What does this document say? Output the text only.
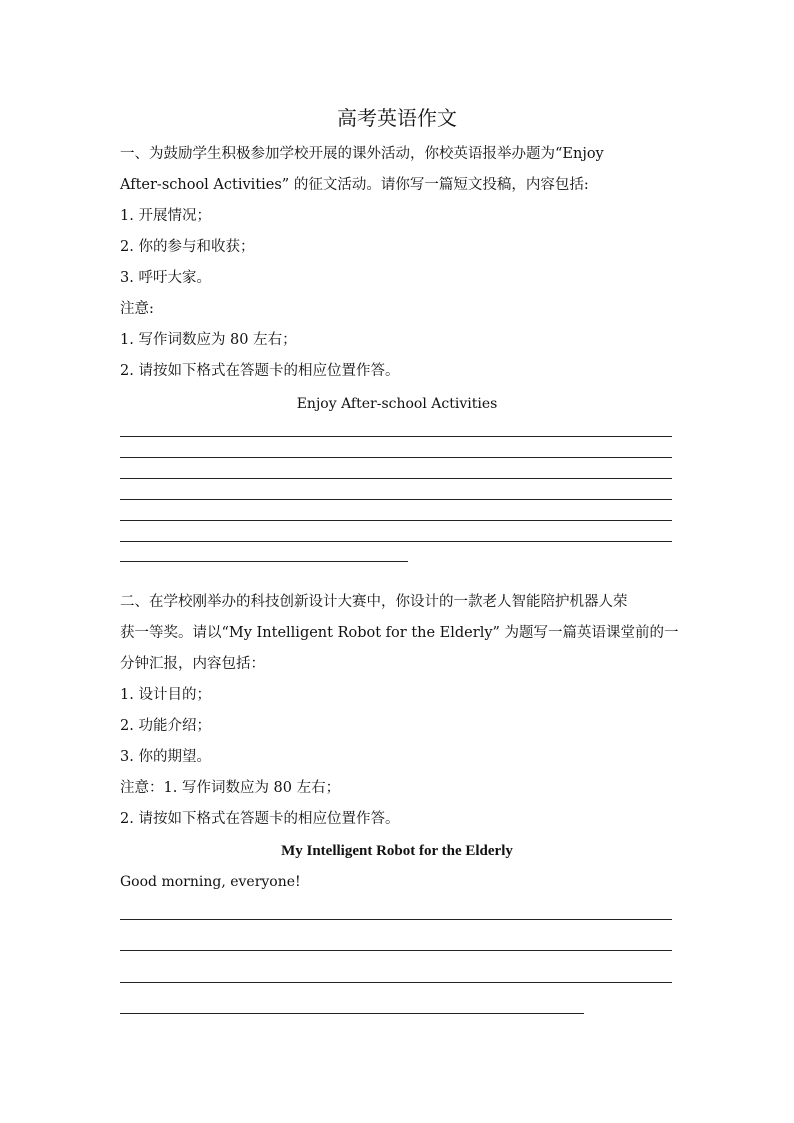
高考英语作文
一、为鼓励学生积极参加学校开展的课外活动，你校英语报举办题为“Enjoy
After-school Activities” 的征文活动。请你写一篇短文投稿，内容包括:
1. 开展情况；
2. 你的参与和收获；
3. 呼吁大家。
注意:
1. 写作词数应为 80 左右；
2. 请按如下格式在答题卡的相应位置作答。
Enjoy After-school Activities
二、在学校刚举办的科技创新设计大赛中，你设计的一款老人智能陪护机器人荣
获一等奖。请以“My Intelligent Robot for the Elderly” 为题写一篇英语课堂前的一
分钟汇报，内容包括：
1. 设计目的；
2. 功能介绍；
3. 你的期望。
注意：1. 写作词数应为 80 左右；
2. 请按如下格式在答题卡的相应位置作答。
My Intelligent Robot for the Elderly
Good morning, everyone!
